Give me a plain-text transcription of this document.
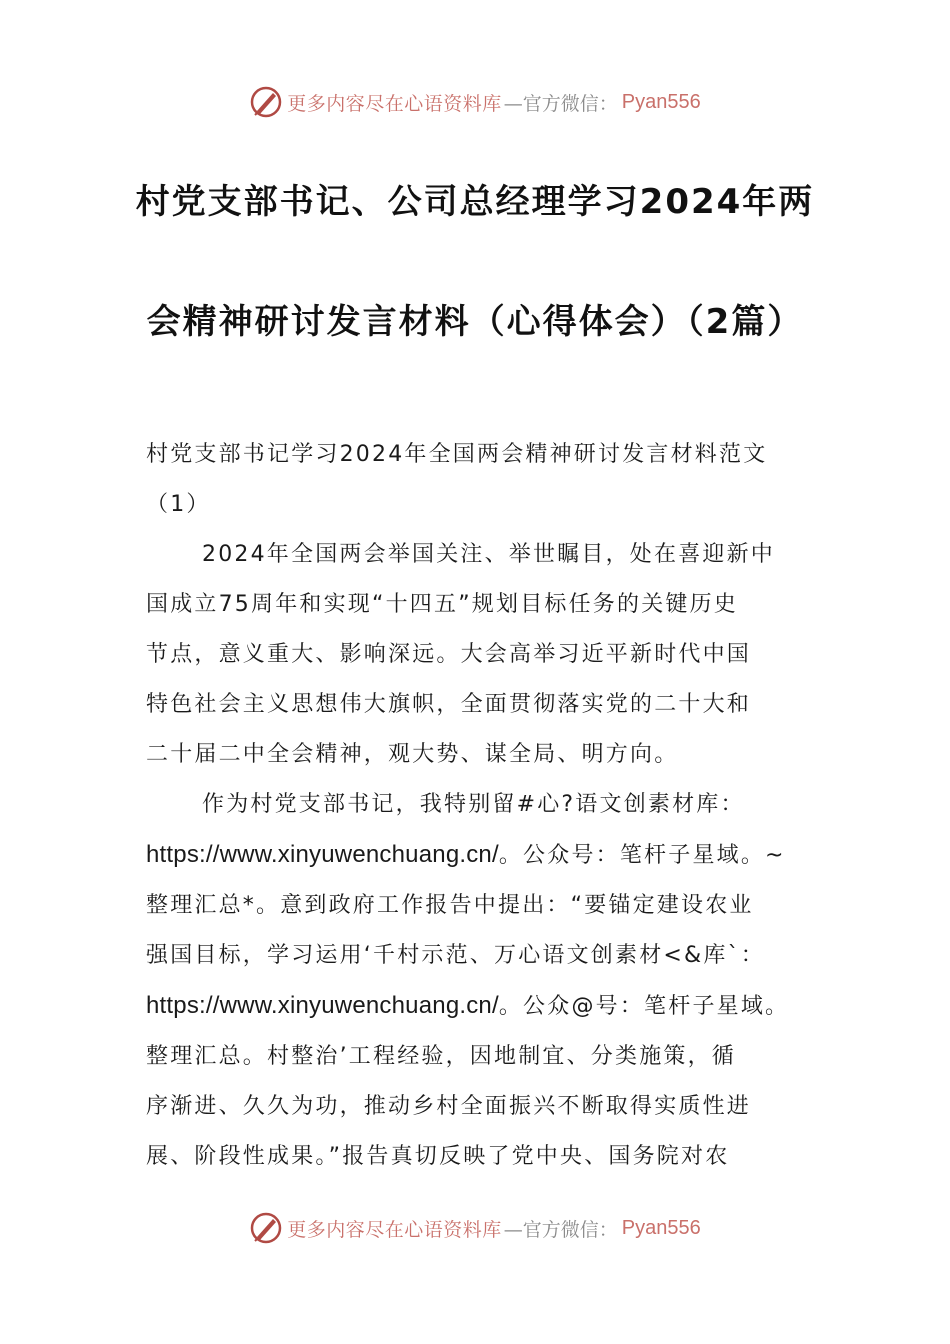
更多内容尽在心语资料库 —官方微信： Pyan556
村党支部书记、公司总经理学习2024年两
会精神研讨发言材料（心得体会）（2篇）
村党支部书记学习2024年全国两会精神研讨发言材料范文
（1）
2024年全国两会举国关注、举世瞩目，处在喜迎新中
国成立75周年和实现“十四五”规划目标任务的关键历史
节点，意义重大、影响深远。大会高举习近平新时代中国
特色社会主义思想伟大旗帜，全面贯彻落实党的二十大和
二十届二中全会精神，观大势、谋全局、明方向。
作为村党支部书记，我特别留#心?语文创素材库：
https://www.xinyuwenchuang.cn/。公众号：笔杆子星域。~
整理汇总*。意到政府工作报告中提出：“要锚定建设农业
强国目标，学习运用‘千村示范、万心语文创素材<&库`：
https://www.xinyuwenchuang.cn/。公众@号：笔杆子星域。
整理汇总。村整治’工程经验，因地制宜、分类施策，循
序渐进、久久为功，推动乡村全面振兴不断取得实质性进
展、阶段性成果。”报告真切反映了党中央、国务院对农
更多内容尽在心语资料库 —官方微信： Pyan556
